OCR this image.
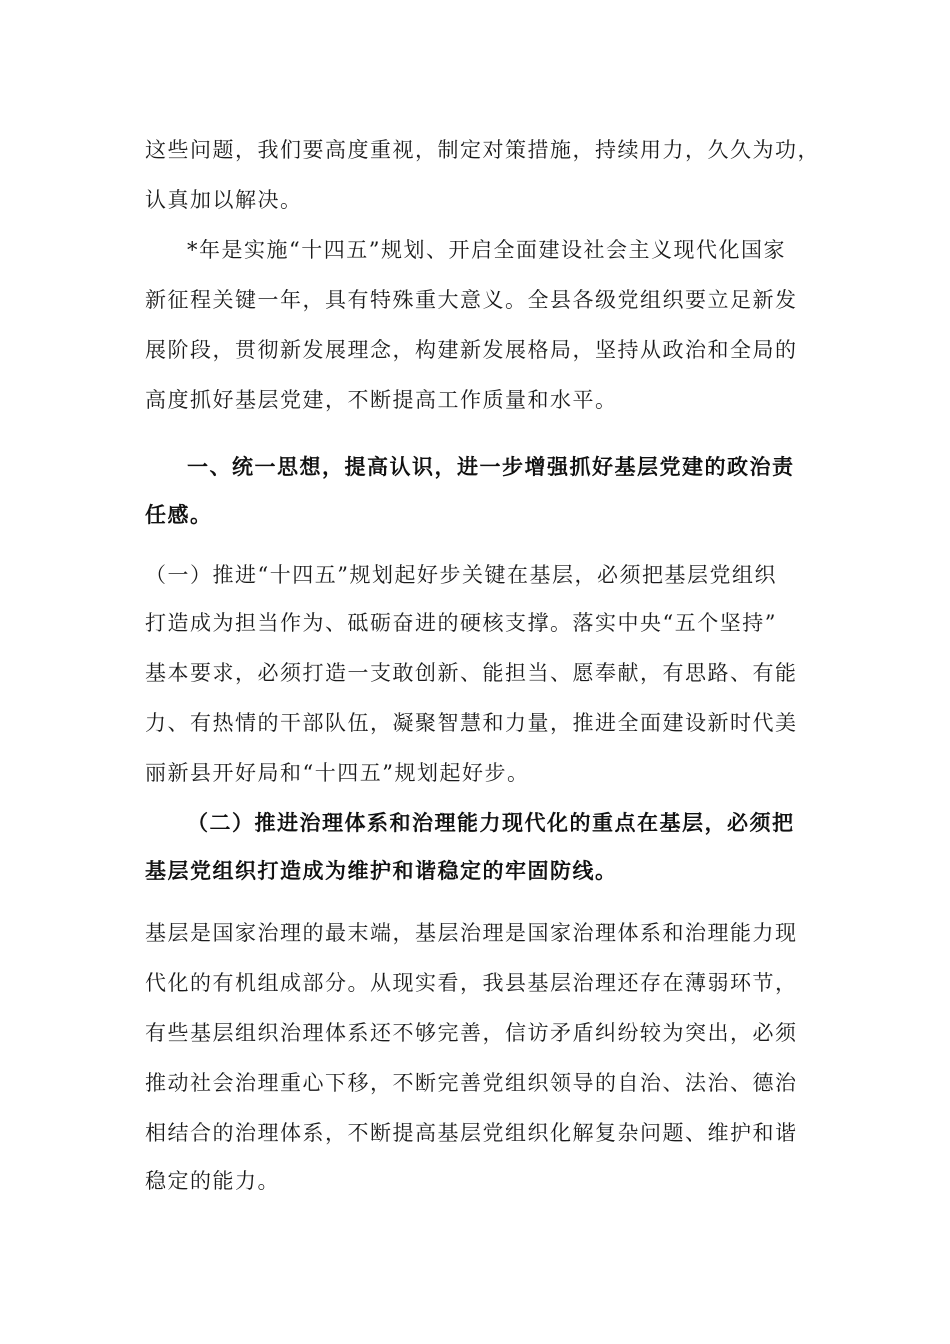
这些问题，我们要高度重视，制定对策措施，持续用力，久久为功，
认真加以解决。
*年是实施“十四五”规划、开启全面建设社会主义现代化国家
新征程关键一年，具有特殊重大意义。全县各级党组织要立足新发
展阶段，贯彻新发展理念，构建新发展格局，坚持从政治和全局的
高度抓好基层党建，不断提高工作质量和水平。
一、统一思想，提高认识，进一步增强抓好基层党建的政治责
任感。
（一）推进“十四五”规划起好步关键在基层，必须把基层党组织
打造成为担当作为、砥砺奋进的硬核支撑。落实中央“五个坚持”
基本要求，必须打造一支敢创新、能担当、愿奉献，有思路、有能
力、有热情的干部队伍，凝聚智慧和力量，推进全面建设新时代美
丽新县开好局和“十四五”规划起好步。
（二）推进治理体系和治理能力现代化的重点在基层，必须把
基层党组织打造成为维护和谐稳定的牢固防线。
基层是国家治理的最末端，基层治理是国家治理体系和治理能力现
代化的有机组成部分。从现实看，我县基层治理还存在薄弱环节，
有些基层组织治理体系还不够完善，信访矛盾纠纷较为突出，必须
推动社会治理重心下移，不断完善党组织领导的自治、法治、德治
相结合的治理体系，不断提高基层党组织化解复杂问题、维护和谐
稳定的能力。
